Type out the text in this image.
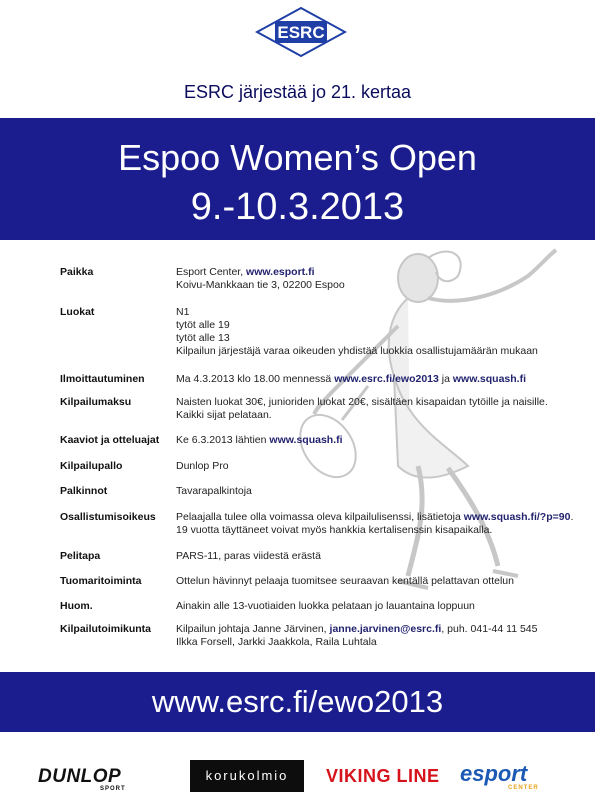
ESRC
ESRC järjestää jo 21. kertaa
Espoo Women’s Open
9.-10.3.2013
Paikka	Esport Center, www.esport.fi
Koivu-Mankkaan tie 3, 02200 Espoo
Luokat	N1
tytöt alle 19
tytöt alle 13
Kilpailun järjestäjä varaa oikeuden yhdistää luokkia osallistujamäärän mukaan
Ilmoittautuminen	Ma 4.3.2013 klo 18.00 mennessä www.esrc.fi/ewo2013 ja www.squash.fi
Kilpailumaksu	Naisten luokat 30€, junioriden luokat 20€, sisältäen kisapaidan tytöille ja naisille.
Kaikki sijat pelataan.
Kaaviot ja otteluajat	Ke 6.3.2013 lähtien www.squash.fi
Kilpailupallo	Dunlop Pro
Palkinnot	Tavarapalkintoja
Osallistumisoikeus	Pelaajalla tulee olla voimassa oleva kilpailulisenssi, lisätietoja www.squash.fi/?p=90.
19 vuotta täyttäneet voivat myös hankkia kertalisenssin kisapaikalla.
Pelitapa	PARS-11, paras viidestä erästä
Tuomaritoiminta	Ottelun hävinnyt pelaaja tuomitsee seuraavan kentällä pelattavan ottelun
Huom.	Ainakin alle 13-vuotiaiden luokka pelataan jo lauantaina loppuun
Kilpailutoimikunta	Kilpailun johtaja Janne Järvinen, janne.jarvinen@esrc.fi, puh. 041-44 11 545
Ilkka Forsell, Jarkki Jaakkola, Raila Luhtala
www.esrc.fi/ewo2013
DUNLOP
SPORT
korukolmio	VIKING LINE esport
CENTER
